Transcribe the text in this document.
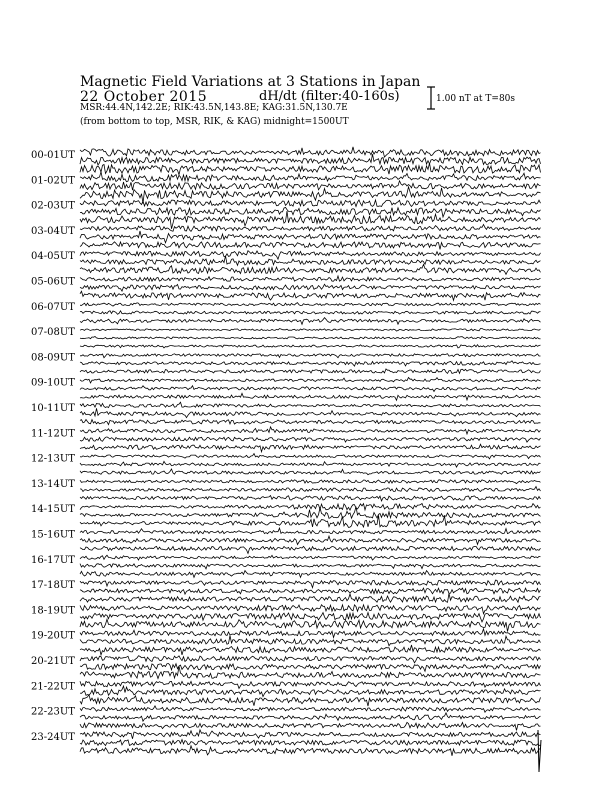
Magnetic Field Variations at 3 Stations in Japan
22 October 2015	dH/dt (filter:40-160s)
MSR:44.4N,142.2E; RIK:43.5N,143.8E; KAG:31.5N,130.7E
(from bottom to top, MSR, RIK, & KAG) midnight=1500UT
1.00 nT at T=80s
00-01UT
01-02UT
02-03UT
03-04UT
04-05UT
05-06UT
06-07UT
07-08UT
08-09UT
09-10UT
10-11UT
11-12UT
12-13UT
13-14UT
14-15UT
15-16UT
16-17UT
17-18UT
18-19UT
19-20UT
20-21UT
21-22UT
22-23UT
23-24UT
